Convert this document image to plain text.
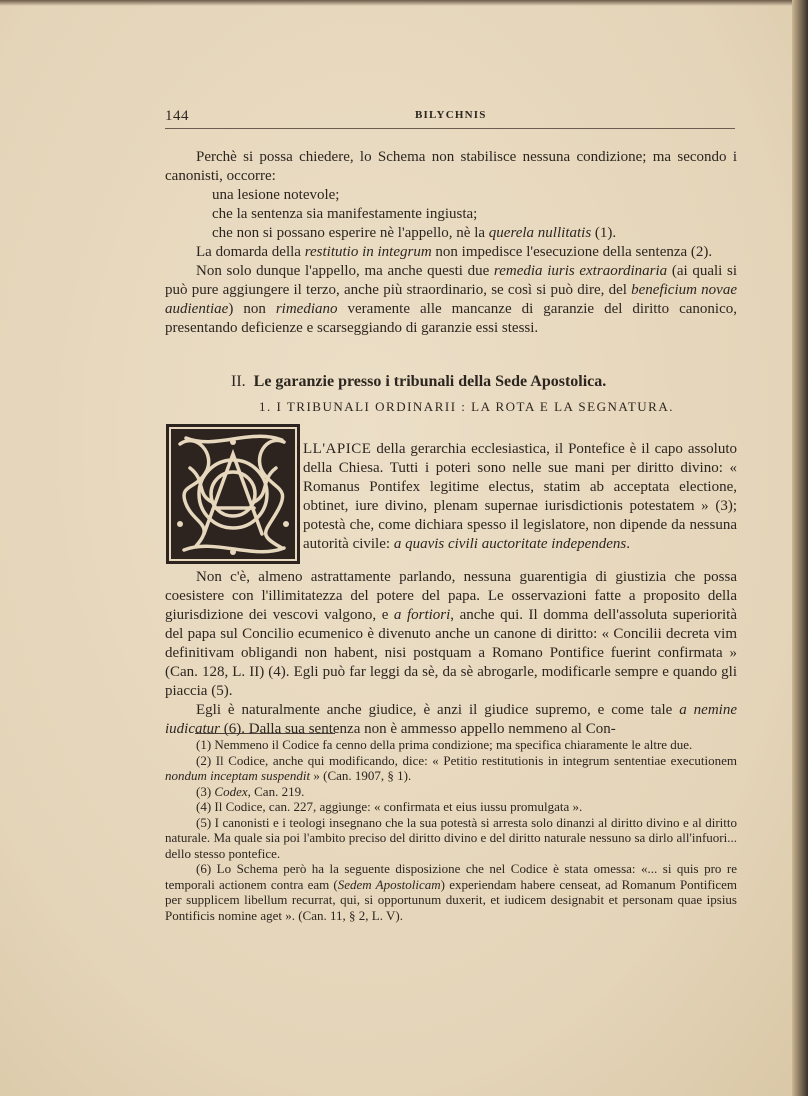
144	BILYCHNIS

Perchè si possa chiedere, lo Schema non stabilisce nessuna condizione; ma secondo i canonisti, occorre:

una lesione notevole;

che la sentenza sia manifestamente ingiusta;

che non si possano esperire nè l'appello, nè la querela nullitatis (1).

La domarda della restitutio in integrum non impedisce l'esecuzione della sentenza (2).

Non solo dunque l'appello, ma anche questi due remedia iuris extraordinaria (ai quali si può pure aggiungere il terzo, anche più straordinario, se così si può dire, del beneficium novae audientiae) non rimediano veramente alle mancanze di garanzie del diritto canonico, presentando deficienze e scarseggiando di garanzie essi stessi.

II. Le garanzie presso i tribunali della Sede Apostolica.
1. I TRIBUNALI ORDINARII : LA ROTA E LA SEGNATURA.
LL'APICE della gerarchia ecclesiastica, il Pontefice è il capo assoluto della Chiesa. Tutti i poteri sono nelle sue mani per diritto divino: « Romanus Pontifex legitime electus, statim ab acceptata electione, obtinet, iure divino, plenam supernae iurisdictionis potestatem » (3); potestà che, come dichiara spesso il legislatore, non dipende da nessuna autorità civile: a quavis civili auctoritate independens.

Non c'è, almeno astrattamente parlando, nessuna guarentigia di giustizia che possa coesistere con l'illimitatezza del potere del papa. Le osservazioni fatte a proposito della giurisdizione dei vescovi valgono, e a fortiori, anche qui. Il domma dell'assoluta superiorità del papa sul Concilio ecumenico è divenuto anche un canone di diritto: « Concilii decreta vim definitivam obligandi non habent, nisi postquam a Romano Pontifice fuerint confirmata » (Can. 128, L. II) (4). Egli può far leggi da sè, da sè abrogarle, modificarle sempre e quando gli piaccia (5).

Egli è naturalmente anche giudice, è anzi il giudice supremo, e come tale a nemine iudicatur (6). Dalla sua sentenza non è ammesso appello nemmeno al Con-

(1) Nemmeno il Codice fa cenno della prima condizione; ma specifica chiaramente le altre due.

(2) Il Codice, anche qui modificando, dice: « Petitio restitutionis in integrum sententiae executionem nondum inceptam suspendit » (Can. 1907, § 1).

(3) Codex, Can. 219.

(4) Il Codice, can. 227, aggiunge: « confirmata et eius iussu promulgata ».

(5) I canonisti e i teologi insegnano che la sua potestà si arresta solo dinanzi al diritto divino e al diritto naturale. Ma quale sia poi l'ambito preciso del diritto divino e del diritto naturale nessuno sa dirlo all'infuori... dello stesso pontefice.

(6) Lo Schema però ha la seguente disposizione che nel Codice è stata omessa: «... si quis pro re temporali actionem contra eam (Sedem Apostolicam) experiendam habere censeat, ad Romanum Pontificem per supplicem libellum recurrat, qui, si opportunum duxerit, et iudicem designabit et personam quae ipsius Pontificis nomine aget ». (Can. 11, § 2, L. V).
